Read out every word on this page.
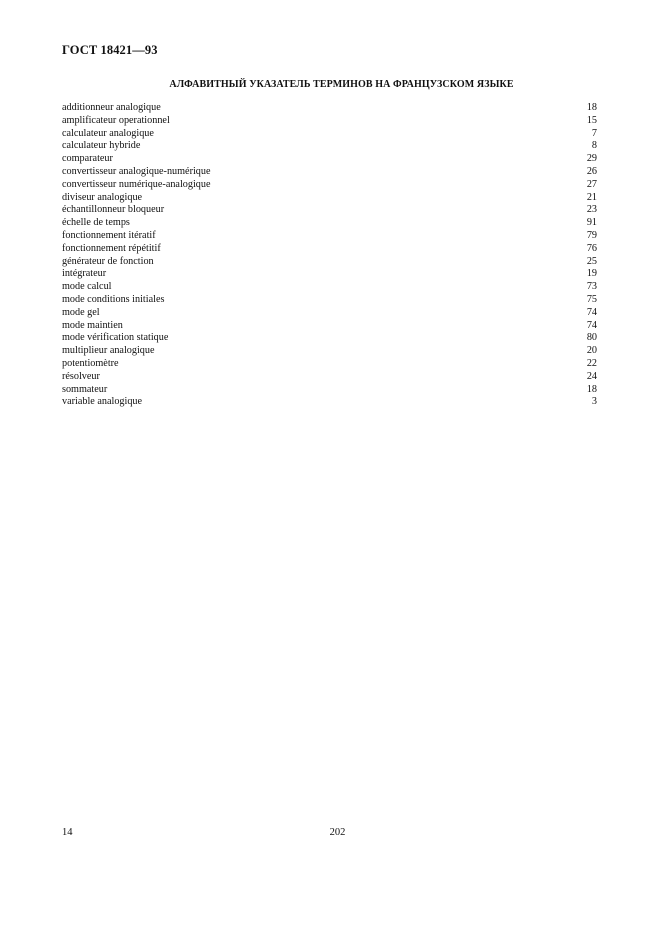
ГОСТ 18421—93
АЛФАВИТНЫЙ УКАЗАТЕЛЬ ТЕРМИНОВ НА ФРАНЦУЗСКОМ ЯЗЫКЕ
additionneur analogique	18
amplificateur operationnel	15
calculateur analogique	7
calculateur hybride	8
comparateur	29
convertisseur analogique-numérique	26
convertisseur numérique-analogique	27
diviseur analogique	21
échantillonneur bloqueur	23
échelle de temps	91
fonctionnement itératif	79
fonctionnement répétitif	76
générateur de fonction	25
intégrateur	19
mode calcul	73
mode conditions initiales	75
mode gel	74
mode maintien	74
mode vérification statique	80
multiplieur analogique	20
potentiomètre	22
résolveur	24
sommateur	18
variable analogique	3
14	202
